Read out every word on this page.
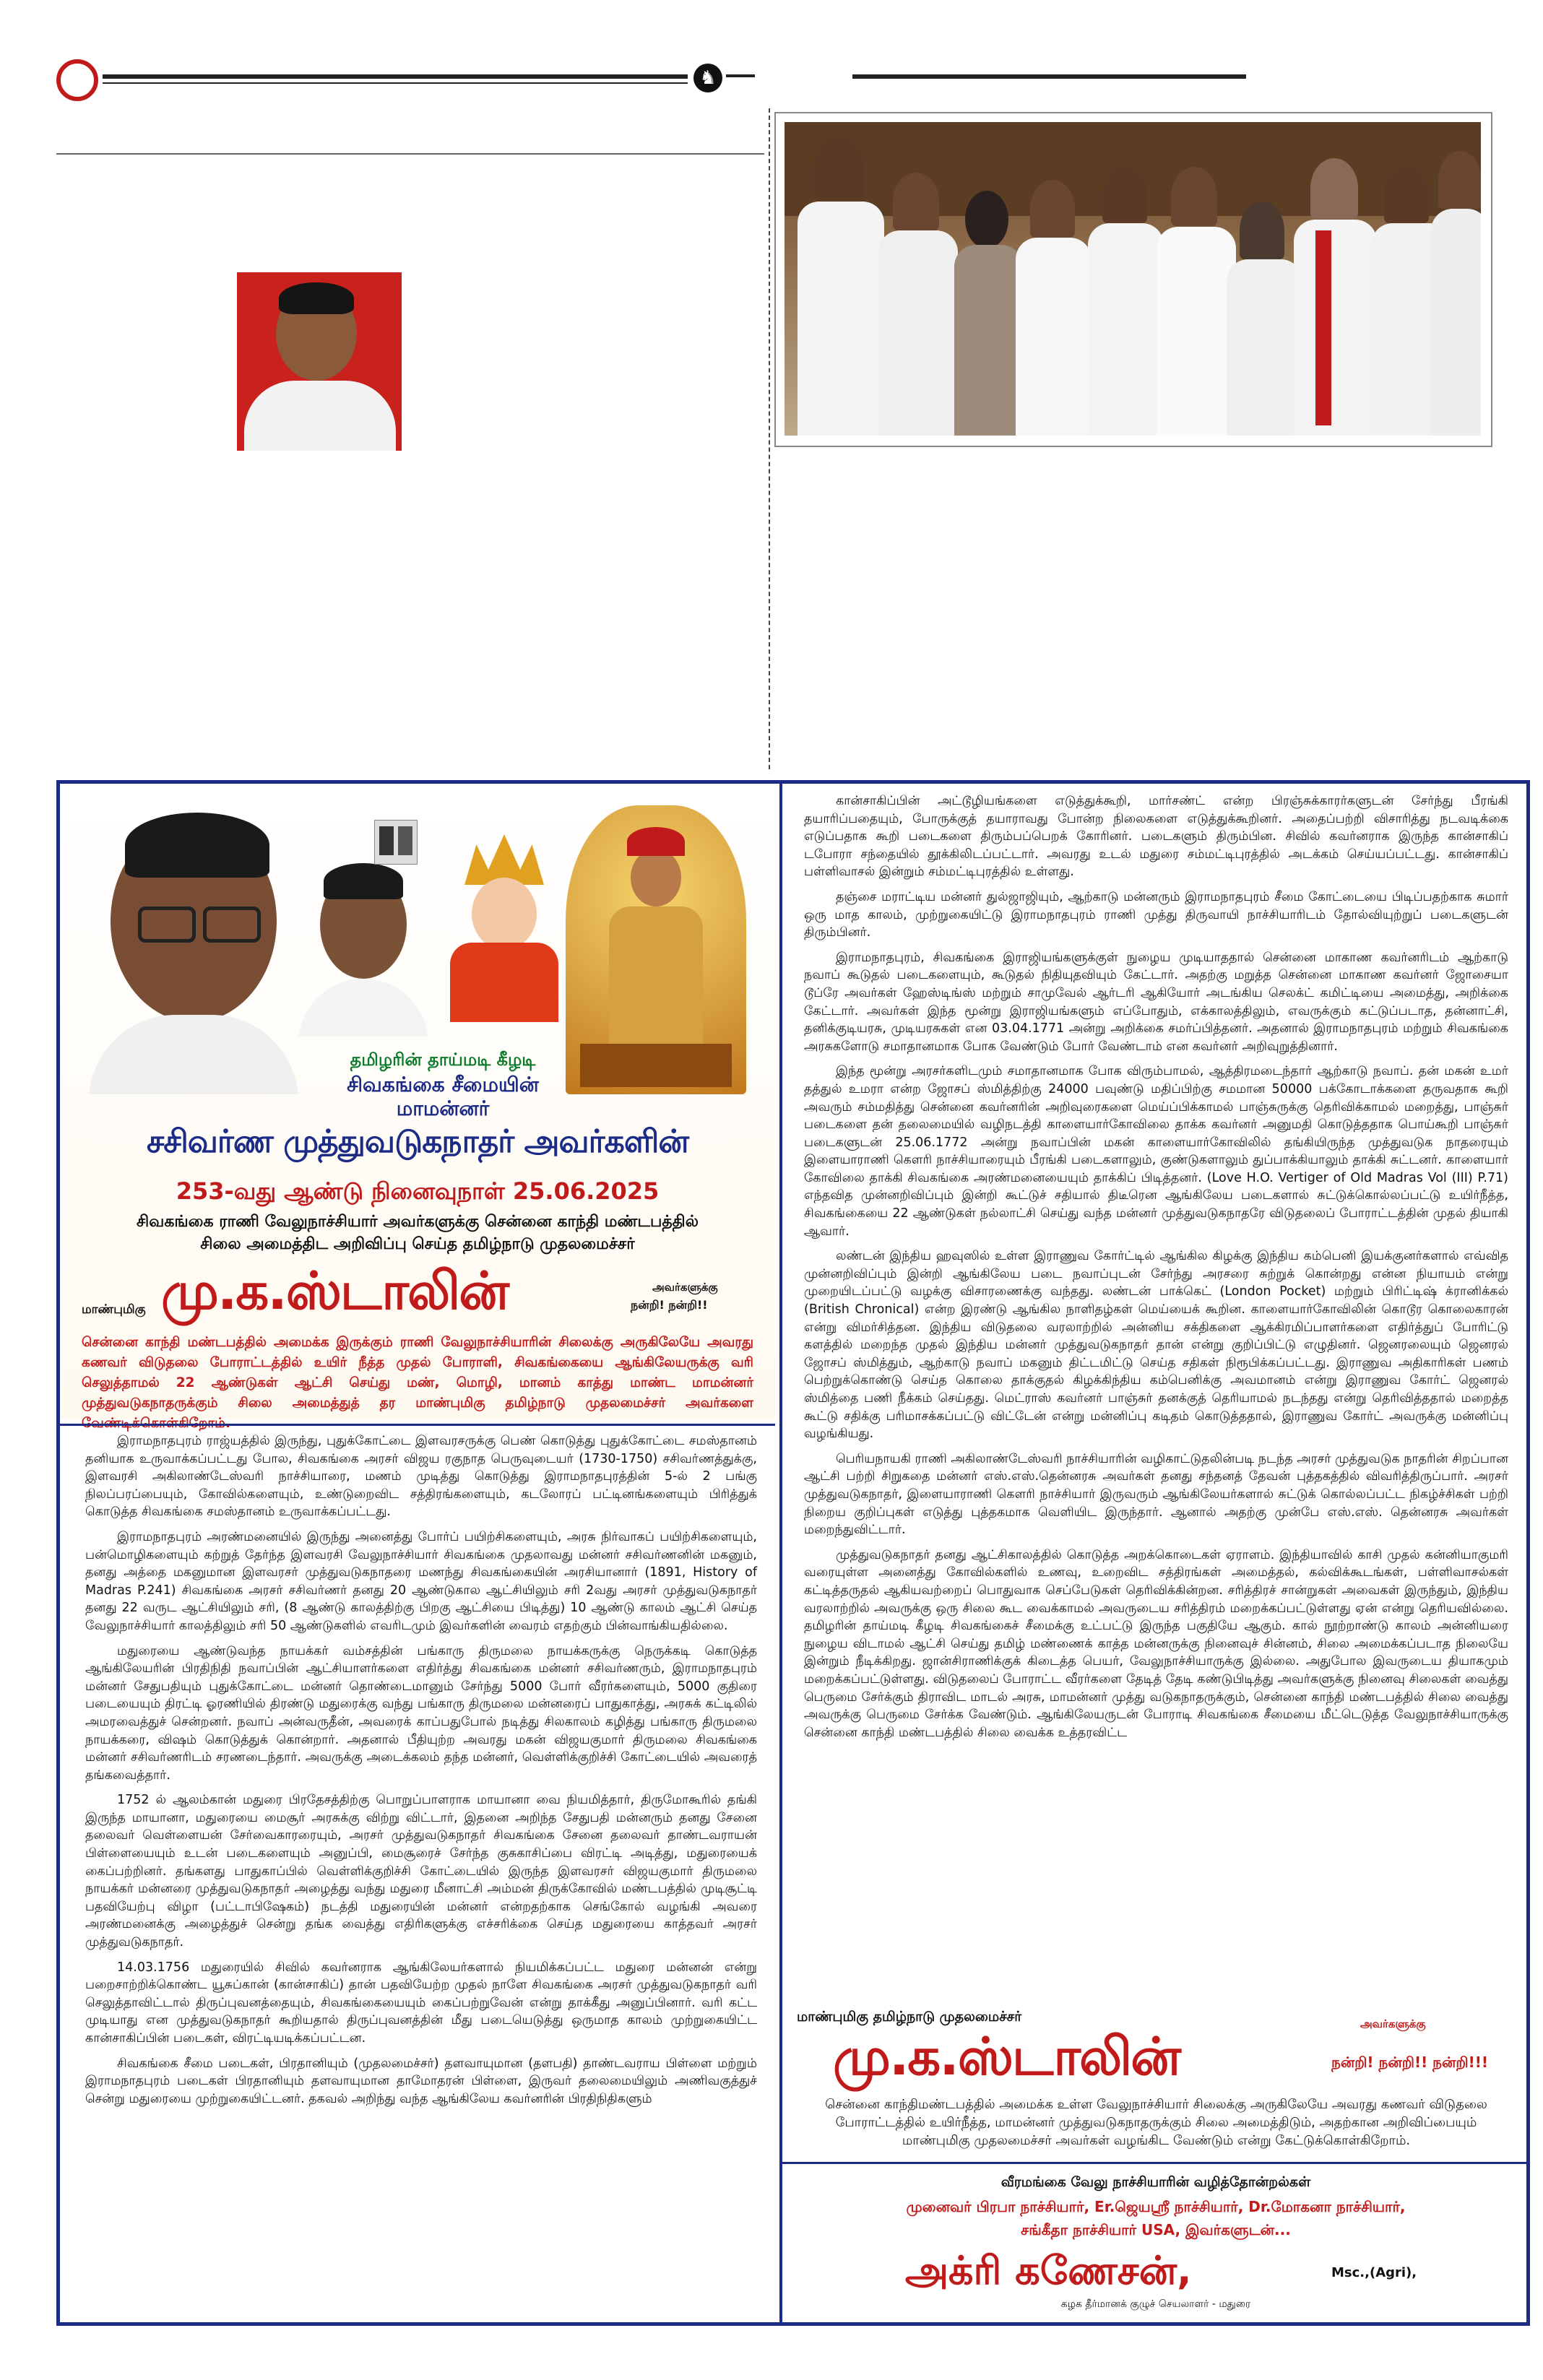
♞
தமிழரின் தாய்மடி கீழடி
சிவகங்கை சீமையின்
மாமன்னர்
சசிவர்ண முத்துவடுகநாதர் அவர்களின்
253-வது ஆண்டு நினைவுநாள் 25.06.2025
சிவகங்கை ராணி வேலுநாச்சியார் அவர்களுக்கு சென்னை காந்தி மண்டபத்தில்
சிலை அமைத்திட அறிவிப்பு செய்த தமிழ்நாடு முதலமைச்சர்
மாண்புமிகு மு.க.ஸ்டாலின்	அவர்களுக்கு
நன்றி! நன்றி!!
சென்னை காந்தி மண்டபத்தில் அமைக்க இருக்கும் ராணி வேலுநாச்சியாரின் சிலைக்கு அருகிலேயே அவரது கணவர் விடுதலை போராட்டத்தில் உயிர் நீத்த முதல் போராளி, சிவகங்கையை ஆங்கிலேயருக்கு வரி செலுத்தாமல் 22 ஆண்டுகள் ஆட்சி செய்து மண், மொழி, மானம் காத்து மாண்ட மாமன்னர் முத்துவடுகநாதருக்கும் சிலை அமைத்துத் தர மாண்புமிகு தமிழ்நாடு முதலமைச்சர் அவர்களை

இராமநாதபுரம் ராஜ்யத்தில் இருந்து, புதுக்கோட்டை இளவரசருக்கு பெண் கொடுத்து புதுக்கோட்டை சமஸ்தானம் தனியாக உருவாக்கப்பட்டது போல, சிவகங்கை அரசர் விஜய ரகுநாத பெருவுடையர் (1730-1750) சசிவர்ணத்துக்கு, இளவரசி அகிலாண்டேஸ்வரி நாச்சியாரை, மணம் முடித்து கொடுத்து இராமநாதபுரத்தின் 5-ல் 2 பங்கு நிலப்பரப்பையும், கோவில்களையும், உண்டுறைவிட சத்திரங்களையும், கடலோரப் பட்டினங்களையும் பிரித்துக் கொடுத்த சிவகங்கை சமஸ்தானம் உருவாக்கப்பட்டது.

இராமநாதபுரம் அரண்மனையில் இருந்து அனைத்து போர்ப் பயிற்சிகளையும், அரசு நிர்வாகப் பயிற்சிகளையும், பன்மொழிகளையும் கற்றுத் தேர்ந்த இளவரசி வேலுநாச்சியார் சிவகங்கை முதலாவது மன்னர் சசிவர்ணனின் மகனும், தனது அத்தை மகனுமான இளவரசர் முத்துவடுகநாதரை மணந்து சிவகங்கையின் அரசியானார் (1891, History of Madras P.241) சிவகங்கை அரசர் சசிவர்ணர் தனது 20 ஆண்டுகால ஆட்சியிலும் சரி 2வது அரசர் முத்துவடுகநாதர் தனது 22 வருட ஆட்சியிலும் சரி, (8 ஆண்டு காலத்திற்கு பிறகு ஆட்சியை பிடித்து) 10 ஆண்டு காலம் ஆட்சி செய்த வேலுநாச்சியார் காலத்திலும் சரி 50 ஆண்டுகளில் எவரிடமும் இவர்களின் வைரம் எதற்கும் பின்வாங்கியதில்லை.

மதுரையை ஆண்டுவந்த நாயக்கர் வம்சத்தின் பங்காரு திருமலை நாயக்கருக்கு நெருக்கடி கொடுத்த ஆங்கிலேயரின் பிரதிநிதி நவாப்பின் ஆட்சியாளர்களை எதிர்த்து சிவகங்கை மன்னர் சசிவர்ணரும், இராமநாதபுரம் மன்னர் சேதுபதியும் புதுக்கோட்டை மன்னர் தொண்டைமானும் சேர்ந்து 5000 போர் வீரர்களையும், 5000 குதிரை படையையும் திரட்டி ஓரணியில் திரண்டு மதுரைக்கு வந்து பங்காரு திருமலை மன்னரைப் பாதுகாத்து, அரசுக் கட்டிலில் அமரவைத்துச் சென்றனர். நவாப் அன்வருதீன், அவரைக் காப்பதுபோல் நடித்து சிலகாலம் கழித்து பங்காரு திருமலை நாயக்கரை, விஷம் கொடுத்துக் கொன்றார். அதனால் பீதியுற்ற அவரது மகன் விஜயகுமார் திருமலை சிவகங்கை மன்னர் சசிவர்ணரிடம் சரணடைந்தார். அவருக்கு அடைக்கலம் தந்த மன்னர், வெள்ளிக்குறிச்சி கோட்டையில் அவரைத் தங்கவைத்தார்.

1752 ல் ஆலம்கான் மதுரை பிரதேசத்திற்கு பொறுப்பாளராக மாயானா வை நியமித்தார், திருமோகூரில் தங்கி இருந்த மாயானா, மதுரையை மைசூர் அரசுக்கு விற்று விட்டார், இதனை அறிந்த சேதுபதி மன்னரும் தனது சேனை தலைவர் வெள்ளையன் சேர்வைகாரரையும், அரசர் முத்துவடுகநாதர் சிவகங்கை சேனை தலைவர் தாண்டவராயன் பிள்ளையையும் உடன் படைகளையும் அனுப்பி, மைசூரைச் சேர்ந்த குசுகாசிப்பை விரட்டி அடித்து, மதுரையைக் கைப்பற்றினர். தங்களது பாதுகாப்பில் வெள்ளிக்குறிச்சி கோட்டையில் இருந்த இளவரசர் விஜயகுமார் திருமலை நாயக்கர் மன்னரை முத்துவடுகநாதர் அழைத்து வந்து மதுரை மீனாட்சி அம்மன் திருக்கோவில் மண்டபத்தில் முடிசூட்டி பதவியேற்பு விழா (பட்டாபிஷேகம்) நடத்தி மதுரையின் மன்னர் என்றதற்காக செங்கோல் வழங்கி அவரை அரண்மனைக்கு அழைத்துச் சென்று தங்க வைத்து எதிரிகளுக்கு எச்சரிக்கை செய்த மதுரையை காத்தவர் அரசர் முத்துவடுகநாதர்.

14.03.1756 மதுரையில் சிவில் கவர்னராக ஆங்கிலேயர்களால் நியமிக்கப்பட்ட மதுரை மன்னன் என்று பறைசாற்றிக்கொண்ட யூசுப்கான் (கான்சாகிப்) தான் பதவியேற்ற முதல் நாளே சிவகங்கை அரசர் முத்துவடுகநாதர் வரி செலுத்தாவிட்டால் திருப்புவனத்தையும், சிவகங்கையையும் கைப்பற்றுவேன் என்று தாக்கீது அனுப்பினார். வரி கட்ட முடியாது என முத்துவடுகநாதர் கூறியதால் திருப்புவனத்தின் மீது படையெடுத்து ஒருமாத காலம் முற்றுகையிட்ட கான்சாகிப்பின் படைகள், விரட்டியடிக்கப்பட்டன.

சிவகங்கை சீமை படைகள், பிரதானியும் (முதலமைச்சர்) தளவாயுமான (தளபதி) தாண்டவராய பிள்ளை மற்றும் இராமநாதபுரம் படைகள் பிரதானியும் தளவாயுமான தாமோதரன் பிள்ளை, இருவர் தலைமையிலும் அணிவகுத்துச் சென்று மதுரையை முற்றுகையிட்டனர். தகவல் அறிந்து வந்த ஆங்கிலேய கவர்னரின் பிரதிநிதிகளும்

கான்சாகிப்பின் அட்டூழியங்களை எடுத்துக்கூறி, மார்சண்ட் என்ற பிரஞ்சுக்காரர்களுடன் சேர்ந்து பீரங்கி தயாரிப்பதையும், போருக்குத் தயாராவது போன்ற நிலைகளை எடுத்துக்கூறினர். அதைப்பற்றி விசாரித்து நடவடிக்கை எடுப்பதாக கூறி படைகளை திரும்பப்பெறக் கோரினர். படைகளும் திரும்பின. சிவில் கவர்னராக இருந்த கான்சாகிப் டபோரா சந்தையில் தூக்கிலிடப்பட்டார். அவரது உடல் மதுரை சம்மட்டிபுரத்தில் அடக்கம் செய்யப்பட்டது. கான்சாகிப் பள்ளிவாசல் இன்றும் சம்மட்டிபுரத்தில் உள்ளது.

தஞ்சை மராட்டிய மன்னர் துல்ஜாஜியும், ஆற்காடு மன்னரும் இராமநாதபுரம் சீமை கோட்டையை பிடிப்பதற்காக சுமார் ஒரு மாத காலம், முற்றுகையிட்டு இராமநாதபுரம் ராணி முத்து திருவாயி நாச்சியாரிடம் தோல்வியுற்றுப் படைகளுடன் திரும்பினர்.

இராமநாதபுரம், சிவகங்கை இராஜியங்களுக்குள் நுழைய முடியாததால் சென்னை மாகாண கவர்னரிடம் ஆற்காடு நவாப் கூடுதல் படைகளையும், கூடுதல் நிதியுதவியும் கேட்டார். அதற்கு மறுத்த சென்னை மாகாண கவர்னர் ஜோசையா டூப்ரே அவர்கள் ஹேஸ்டிங்ஸ் மற்றும் சாமுவேல் ஆர்டரி ஆகியோர் அடங்கிய செலக்ட் கமிட்டியை அமைத்து, அறிக்கை கேட்டார். அவர்கள் இந்த மூன்று இராஜியங்களும் எப்போதும், எக்காலத்திலும், எவருக்கும் கட்டுப்படாத, தன்னாட்சி, தனிக்குடியரசு, முடியரசுகள் என 03.04.1771 அன்று அறிக்கை சமர்ப்பித்தனர். அதனால் இராமநாதபுரம் மற்றும் சிவகங்கை அரசுகளோடு சமாதானமாக போக வேண்டும் போர் வேண்டாம் என கவர்னர் அறிவுறுத்தினார்.

இந்த மூன்று அரசர்களிடமும் சமாதானமாக போக விரும்பாமல், ஆத்திரமடைந்தார் ஆற்காடு நவாப். தன் மகன் உமர் தத்துல் உமரா என்ற ஜோசப் ஸ்மித்திற்கு 24000 பவுண்டு மதிப்பிற்கு சமமான 50000 பக்கோடாக்களை தருவதாக கூறி அவரும் சம்மதித்து சென்னை கவர்னரின் அறிவுரைகளை மெய்ப்பிக்காமல் பாஞ்சுருக்கு தெரிவிக்காமல் மறைத்து, பாஞ்சுர் படைகளை தன் தலைமையில் வழிநடத்தி காளையார்கோவிலை தாக்க கவர்னர் அனுமதி கொடுத்ததாக பொய்கூறி பாஞ்சுர் படைகளுடன் 25.06.1772 அன்று நவாப்பின் மகன் காளையார்கோவிலில் தங்கியிருந்த முத்துவடுக நாதரையும் இளையாராணி கௌரி நாச்சியாரையும் பீரங்கி படைகளாலும், குண்டுகளாலும் துப்பாக்கியாலும் தாக்கி சுட்டனர். காளையார் கோவிலை தாக்கி சிவகங்கை அரண்மனையையும் தாக்கிப் பிடித்தனர். (Love H.O. Vertiger of Old Madras Vol (III) P.71) எந்தவித முன்னறிவிப்பும் இன்றி கூட்டுச் சதியால் திடீரென ஆங்கிலேய படைகளால் சுட்டுக்கொல்லப்பட்டு உயிர்நீத்த, சிவகங்கையை 22 ஆண்டுகள் நல்லாட்சி செய்து வந்த மன்னர் முத்துவடுகநாதரே விடுதலைப் போராட்டத்தின் முதல் தியாகி ஆவார்.

லண்டன் இந்திய ஹவுஸில் உள்ள இராணுவ கோர்ட்டில் ஆங்கில கிழக்கு இந்திய கம்பெனி இயக்குனர்களால் எவ்வித முன்னறிவிப்பும் இன்றி ஆங்கிலேய படை நவாப்புடன் சேர்ந்து அரசரை சுற்றுக் கொன்றது என்ன நியாயம் என்று முறையிடப்பட்டு வழக்கு விசாரணைக்கு வந்தது. லண்டன் பாக்கெட் (London Pocket) மற்றும் பிரிட்டிஷ் க்ரானிக்கல் (British Chronical) என்ற இரண்டு ஆங்கில நாளிதழ்கள் மெய்யைக் கூறின. காளையார்கோவிலின் கொடூர கொலைகாரன் என்று விமர்சித்தன. இந்திய விடுதலை வரலாற்றில் அன்னிய சக்திகளை ஆக்கிரமிப்பாளர்களை எதிர்த்துப் போரிட்டு களத்தில் மறைந்த முதல் இந்திய மன்னர் முத்துவடுகநாதர் தான் என்று குறிப்பிட்டு எழுதினர். ஜெனரலையும் ஜெனரல் ஜோசப் ஸ்மித்தும், ஆற்காடு நவாப் மகனும் திட்டமிட்டு செய்த சதிகள் நிரூபிக்கப்பட்டது. இராணுவ அதிகாரிகள் பணம் பெற்றுக்கொண்டு செய்த கொலை தாக்குதல் கிழக்கிந்திய கம்பெனிக்கு அவமானம் என்று இராணுவ கோர்ட் ஜெனரல் ஸ்மித்தை பணி நீக்கம் செய்தது. மெட்ராஸ் கவர்னர் பாஞ்சுர் தனக்குத் தெரியாமல் நடந்தது என்று தெரிவித்ததால் மறைத்த கூட்டு சதிக்கு பரிமாசக்கப்பட்டு விட்டேன் என்று மன்னிப்பு கடிதம் கொடுத்ததால், இராணுவ கோர்ட் அவருக்கு மன்னிப்பு வழங்கியது.

பெரியநாயகி ராணி அகிலாண்டேஸ்வரி நாச்சியாரின் வழிகாட்டுதலின்படி நடந்த அரசர் முத்துவடுக நாதரின் சிறப்பான ஆட்சி பற்றி சிறுகதை மன்னர் எஸ்.எஸ்.தென்னரசு அவர்கள் தனது சந்தனத் தேவன் புத்தகத்தில் விவரித்திருப்பார். அரசர் முத்துவடுகநாதர், இளையாராணி கௌரி நாச்சியார் இருவரும் ஆங்கிலேயர்களால் சுட்டுக் கொல்லப்பட்ட நிகழ்ச்சிகள் பற்றி நிறைய குறிப்புகள் எடுத்து புத்தகமாக வெளியிட இருந்தார். ஆனால் அதற்கு முன்பே எஸ்.எஸ். தென்னரசு அவர்கள் மறைந்துவிட்டார்.

முத்துவடுகநாதர் தனது ஆட்சிகாலத்தில் கொடுத்த அறக்கொடைகள் ஏராளம். இந்தியாவில் காசி முதல் கன்னியாகுமரி வரையுள்ள அனைத்து கோவில்களில் உணவு, உறைவிட சத்திரங்கள் அமைத்தல், கல்விக்கூடங்கள், பள்ளிவாசல்கள் கட்டித்தருதல் ஆகியவற்றைப் பொதுவாக செப்பேடுகள் தெரிவிக்கின்றன. சரித்திரச் சான்றுகள் அவைகள் இருந்தும், இந்திய வரலாற்றில் அவருக்கு ஒரு சிலை கூட வைக்காமல் அவருடைய சரித்திரம் மறைக்கப்பட்டுள்ளது ஏன் என்று தெரியவில்லை. தமிழரின் தாய்மடி கீழடி சிவகங்கைச் சீமைக்கு உட்பட்டு இருந்த பகுதியே ஆகும். கால் நூற்றாண்டு காலம் அன்னியரை நுழைய விடாமல் ஆட்சி செய்து தமிழ் மண்ணைக் காத்த மன்னருக்கு நினைவுச் சின்னம், சிலை அமைக்கப்படாத நிலையே இன்றும் நீடிக்கிறது. ஜான்சிராணிக்குக் கிடைத்த பெயர், வேலுநாச்சியாருக்கு இல்லை. அதுபோல இவருடைய தியாகமும் மறைக்கப்பட்டுள்ளது. விடுதலைப் போராட்ட வீரர்களை தேடித் தேடி கண்டுபிடித்து அவர்களுக்கு நினைவு சிலைகள் வைத்து பெருமை சேர்க்கும் திராவிட மாடல் அரசு, மாமன்னர் முத்து வடுகநாதருக்கும், சென்னை காந்தி மண்டபத்தில் சிலை வைத்து அவருக்கு பெருமை சேர்க்க வேண்டும். ஆங்கிலேயருடன் போராடி சிவகங்கை சீமையை மீட்டெடுத்த வேலுநாச்சியாருக்கு சென்னை காந்தி மண்டபத்தில் சிலை வைக்க உத்தரவிட்ட

மாண்புமிகு தமிழ்நாடு முதலமைச்சர்
மு.க.ஸ்டாலின்
அவர்களுக்கு
நன்றி! நன்றி!! நன்றி!!!
சென்னை காந்திமண்டபத்தில் அமைக்க உள்ள வேலுநாச்சியார் சிலைக்கு அருகிலேயே அவரது கணவர் விடுதலை போராட்டத்தில் உயிர்நீத்த, மாமன்னர் முத்துவடுகநாதருக்கும் சிலை அமைத்திடும், அதற்கான அறிவிப்பையும் மாண்புமிகு முதலமைச்சர் அவர்கள் வழங்கிட வேண்டும் என்று கேட்டுக்கொள்கிறோம்.
வீரமங்கை வேலு நாச்சியாரின் வழித்தோன்றல்கள்
முனைவர் பிரபா நாச்சியார், Er.ஜெயஸ்ரீ நாச்சியார், Dr.மோகனா நாச்சியார்,
சங்கீதா நாச்சியார் USA, இவர்களுடன்...
அக்ரி கணேசன்,	Msc.,(Agri),
கழக தீர்மானக் குழுச் செயலாளர் - மதுரை
